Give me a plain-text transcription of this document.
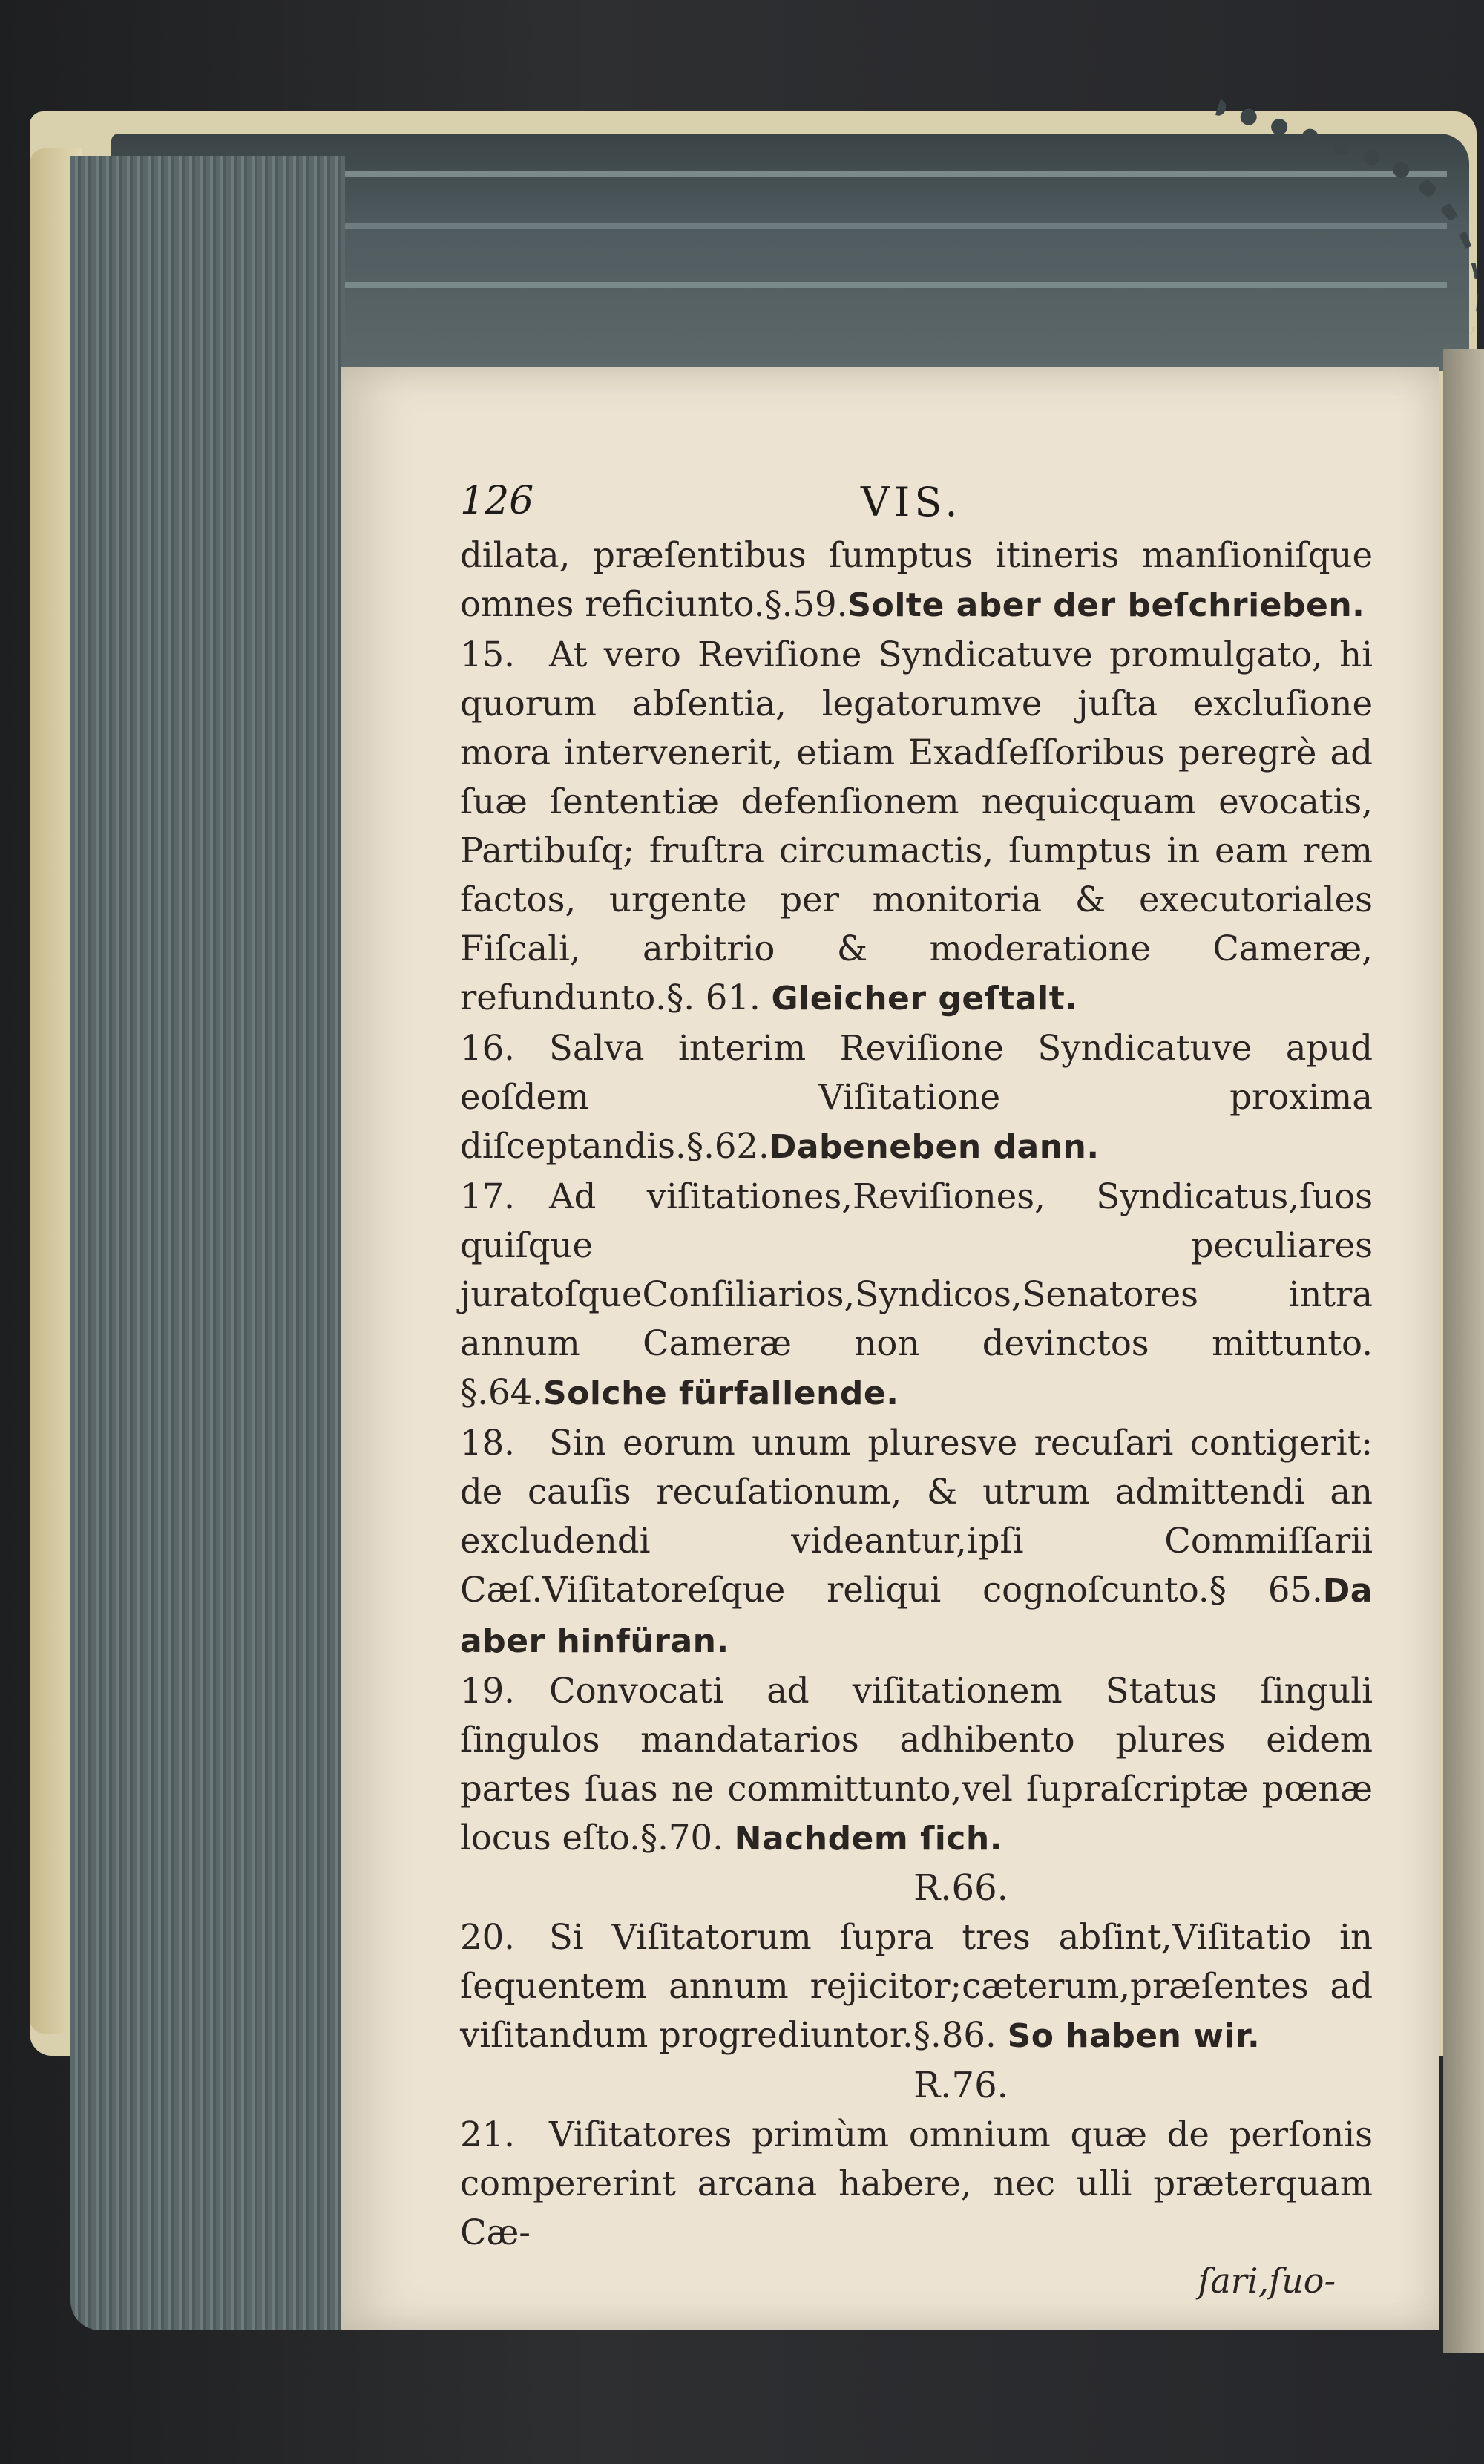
126	VIS.

dilata, præſentibus ſumptus itineris manſioniſque omnes reficiunto.§.59.Solte aber der beſchrieben.

15. At vero Reviſione Syndicatuve promulgato, hi quorum abſentia, legatorumve juſta excluſione mora intervenerit, etiam Exadſeſſoribus peregrè ad ſuæ ſententiæ defenſionem nequicquam evocatis, Partibuſq; fruſtra circumactis, ſumptus in eam rem factos, urgente per monitoria & executoriales Fiſcali, arbitrio & moderatione Cameræ, refunduntо.§. 61. Gleicher geſtalt.

16. Salva interim Reviſione Syndicatuve apud eoſdem Viſitatione proxima diſceptandis.§.62.Dabeneben dann.

17. Ad viſitationes,Reviſiones, Syndicatus,ſuos quiſque peculiares juratoſqueConſiliarios,Syndicos,Senatores intra annum Cameræ non devinctos mittunto. §.64.Solche fürfallende.

18. Sin eorum unum pluresve recuſari contigerit: de cauſis recuſationum, & utrum admittendi an excludendi videantur,ipſi Commiſſarii Cæſ.Viſitatoreſque reliqui cognoſcunto.§ 65.Da aber hinfüran.

19. Convocati ad viſitationem Status ſinguli ſingulos mandatarios adhibento plures eidem partes ſuas ne committunto,vel ſupraſcriptæ pœnæ locus eſto.§.70. Nachdem ſich.

R.66.

20. Si Viſitatorum ſupra tres abſint,Viſitatio in ſequentem annum rejicitor;cæterum,præſentes ad viſitandum progrediuntor.§.86. So haben wir.

R.76.

21. Viſitatores primùm omnium quæ de perſonis compererint arcana habere, nec ulli præterquam Cæ-

ſari,ſuo-
